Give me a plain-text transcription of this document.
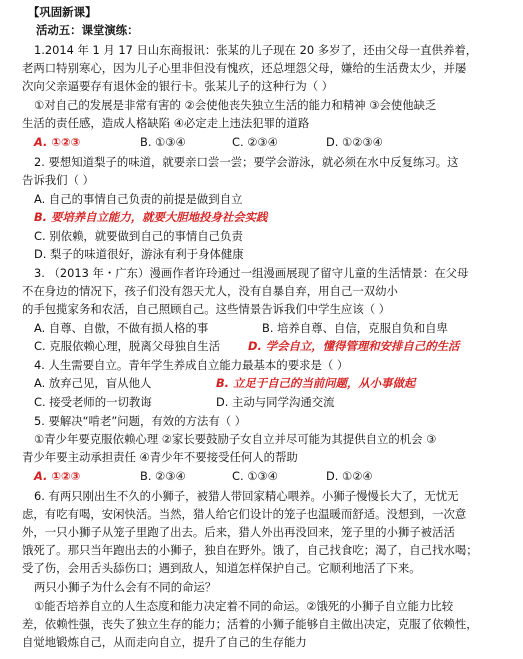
【巩固新课】
活动五：课堂演练：
1.2014 年 1 月 17 日山东商报讯：张某的儿子现在 20 多岁了，还由父母一直供养着，
老两口特别寒心，因为儿子心里非但没有愧疚，还总埋怨父母，嫌给的生活费太少，并屡
次向父亲逼要存有退休金的银行卡。张某儿子的这种行为（ ）
①对自己的发展是非常有害的 ②会使他丧失独立生活的能力和精神 ③会使他缺乏
生活的责任感，造成人格缺陷 ④必定走上违法犯罪的道路
A. ①②③	B. ①③④	C. ②③④	D. ①②③④
2. 要想知道梨子的味道，就要亲口尝一尝；要学会游泳，就必须在水中反复练习。这
告诉我们（ ）
A. 自己的事情自己负责的前提是做到自立
B. 要培养自立能力，就要大胆地投身社会实践
C. 别依赖，就要做到自己的事情自己负责
D. 梨子的味道很好，游泳有利于身体健康
3. （2013 年・广东）漫画作者许玲通过一组漫画展现了留守儿童的生活情景：在父母
不在身边的情况下，孩子们没有怨天尤人，没有自暴自弃，用自己一双幼小
的手包揽家务和农活，自己照顾自己。这些情景告诉我们中学生应该（ ）
A. 自尊、自傲，不做有损人格的事	B. 培养自尊、自信，克服自负和自卑
C. 克服依赖心理，脱离父母独自生活 D. 学会自立，懂得管理和安排自己的生活
4. 人生需要自立。青年学生养成自立能力最基本的要求是（ ）
A. 放弃己见，盲从他人	B. 立足于自己的当前问题，从小事做起
C. 接受老师的一切教诲	D. 主动与同学沟通交流
5. 要解决“啃老”问题，有效的方法有（ ）
①青少年要克服依赖心理 ②家长要鼓励子女自立并尽可能为其提供自立的机会 ③
青少年要主动承担责任 ④青少年不要接受任何人的帮助
A. ①②③	B. ②③④	C. ①③④	D. ①②④
6. 有两只刚出生不久的小狮子，被猎人带回家精心喂养。小狮子慢慢长大了，无忧无
虑，有吃有喝，安闲快活。当然，猎人给它们设计的笼子也温暖而舒适。没想到，一次意
外，一只小狮子从笼子里跑了出去。后来，猎人外出再没回来，笼子里的小狮子被活活
饿死了。那只当年跑出去的小狮子，独自在野外。饿了，自己找食吃；渴了，自己找水喝；
受了伤，会用舌头舔伤口；遇到敌人，知道怎样保护自己。它顺利地活了下来。
两只小狮子为什么会有不同的命运？
①能否培养自立的人生态度和能力决定着不同的命运。②饿死的小狮子自立能力比较
差，依赖性强，丧失了独立生存的能力；活着的小狮子能够自主做出决定，克服了依赖性，
自觉地锻炼自己，从而走向自立，提升了自己的生存能力
